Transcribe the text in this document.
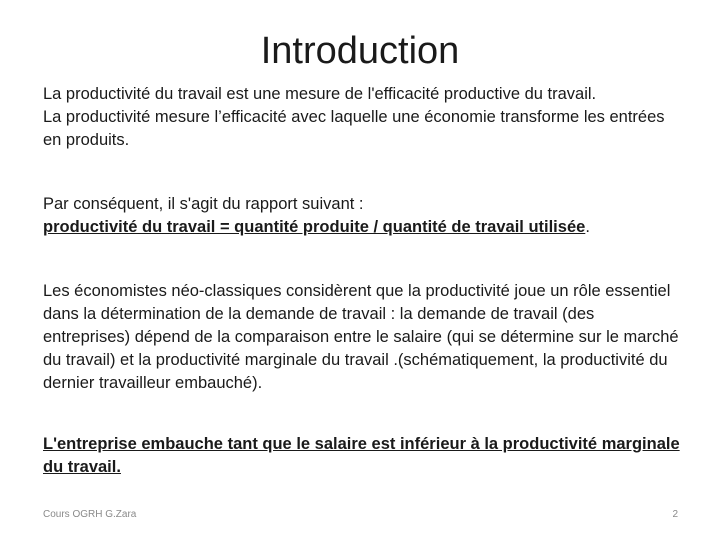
Introduction
La productivité du travail est une mesure de l'efficacité productive du travail.
La productivité mesure l’efficacité avec laquelle une économie transforme les entrées en produits.
Par conséquent, il s'agit du rapport suivant :
productivité du travail = quantité produite / quantité de travail utilisée.
Les économistes néo-classiques considèrent que la productivité joue un rôle essentiel dans la détermination de la demande de travail : la demande de travail (des entreprises) dépend de la comparaison entre le salaire (qui se détermine sur le marché du travail) et la productivité marginale du travail .(schématiquement, la productivité du dernier travailleur embauché).
L'entreprise embauche tant que le salaire est inférieur à la productivité marginale du travail.
Cours OGRH G.Zara	2
